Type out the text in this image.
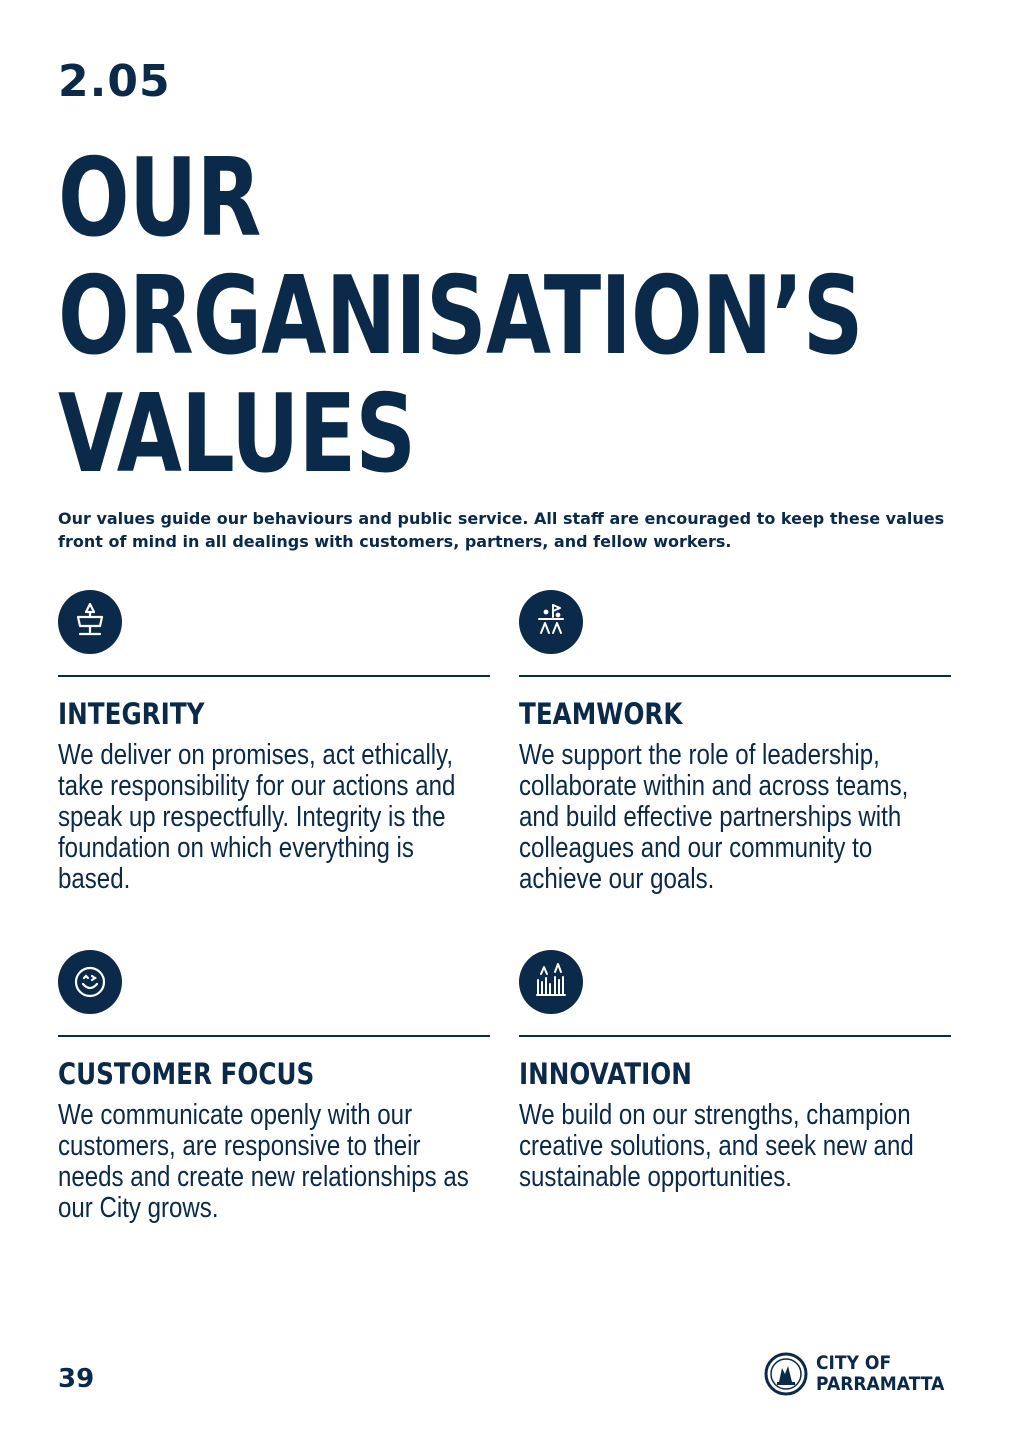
2.05
OUR
ORGANISATION’S
VALUES

Our values guide our behaviours and public service. All staff are encouraged to keep these values front of mind in all dealings with customers, partners, and fellow workers.

INTEGRITY

We deliver on promises, act ethically, take responsibility for our actions and speak up respectfully. Integrity is the foundation on which everything is based.

TEAMWORK

We support the role of leadership, collaborate within and across teams, and build effective partnerships with colleagues and our community to achieve our goals.

CUSTOMER FOCUS

We communicate openly with our customers, are responsive to their needs and create new relationships as our City grows.

INNOVATION

We build on our strengths, champion creative solutions, and seek new and sustainable opportunities.

39
CITY OF
PARRAMATTA
